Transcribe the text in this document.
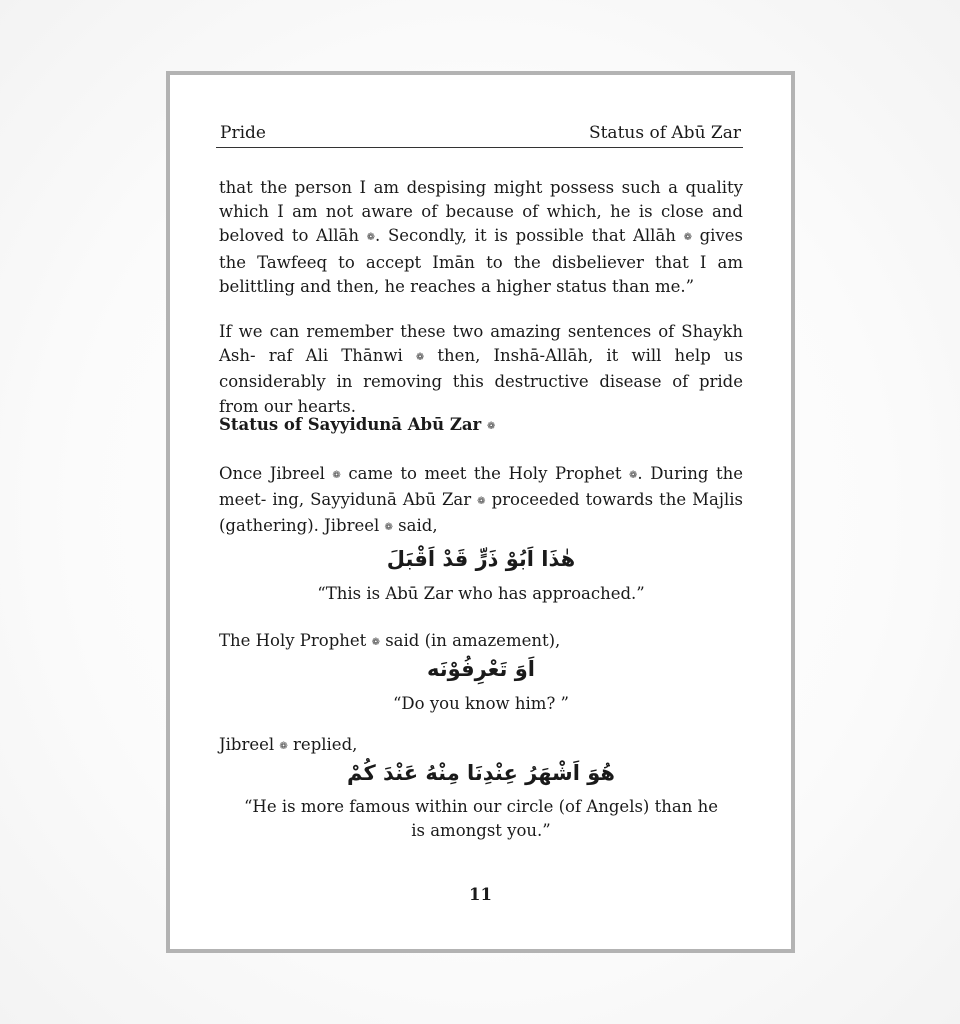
Pride	Status of Abū Zar
that the person I am despising might possess such a quality which I am not aware of because of which, he is close and beloved to Allāh ❁. Secondly, it is possible that Allāh ❁ gives the Tawfeeq to accept Imān to the disbeliever that I am belittling and then, he reaches a higher status than me.”
If we can remember these two amazing sentences of Shaykh Ash- raf Ali Thānwi ❁ then, Inshā-Allāh, it will help us considerably in removing this destructive disease of pride from our hearts.
Status of Sayyidunā Abū Zar ❁
Once Jibreel ❁ came to meet the Holy Prophet ❁. During the meet- ing, Sayyidunā Abū Zar ❁ proceeded towards the Majlis (gathering). Jibreel ❁ said,
هٰذَا اَبُوْ ذَرٍّ قَدْ اَقْبَلَ
“This is Abū Zar who has approached.”
The Holy Prophet ❁ said (in amazement),
اَوَ تَعْرِفُوْنَه
“Do you know him? ”
Jibreel ❁ replied,
هُوَ اَشْهَرُ عِنْدِنَا مِنْهُ عَنْدَ كُمْ
“He is more famous within our circle (of Angels) than he is amongst you.”
11
